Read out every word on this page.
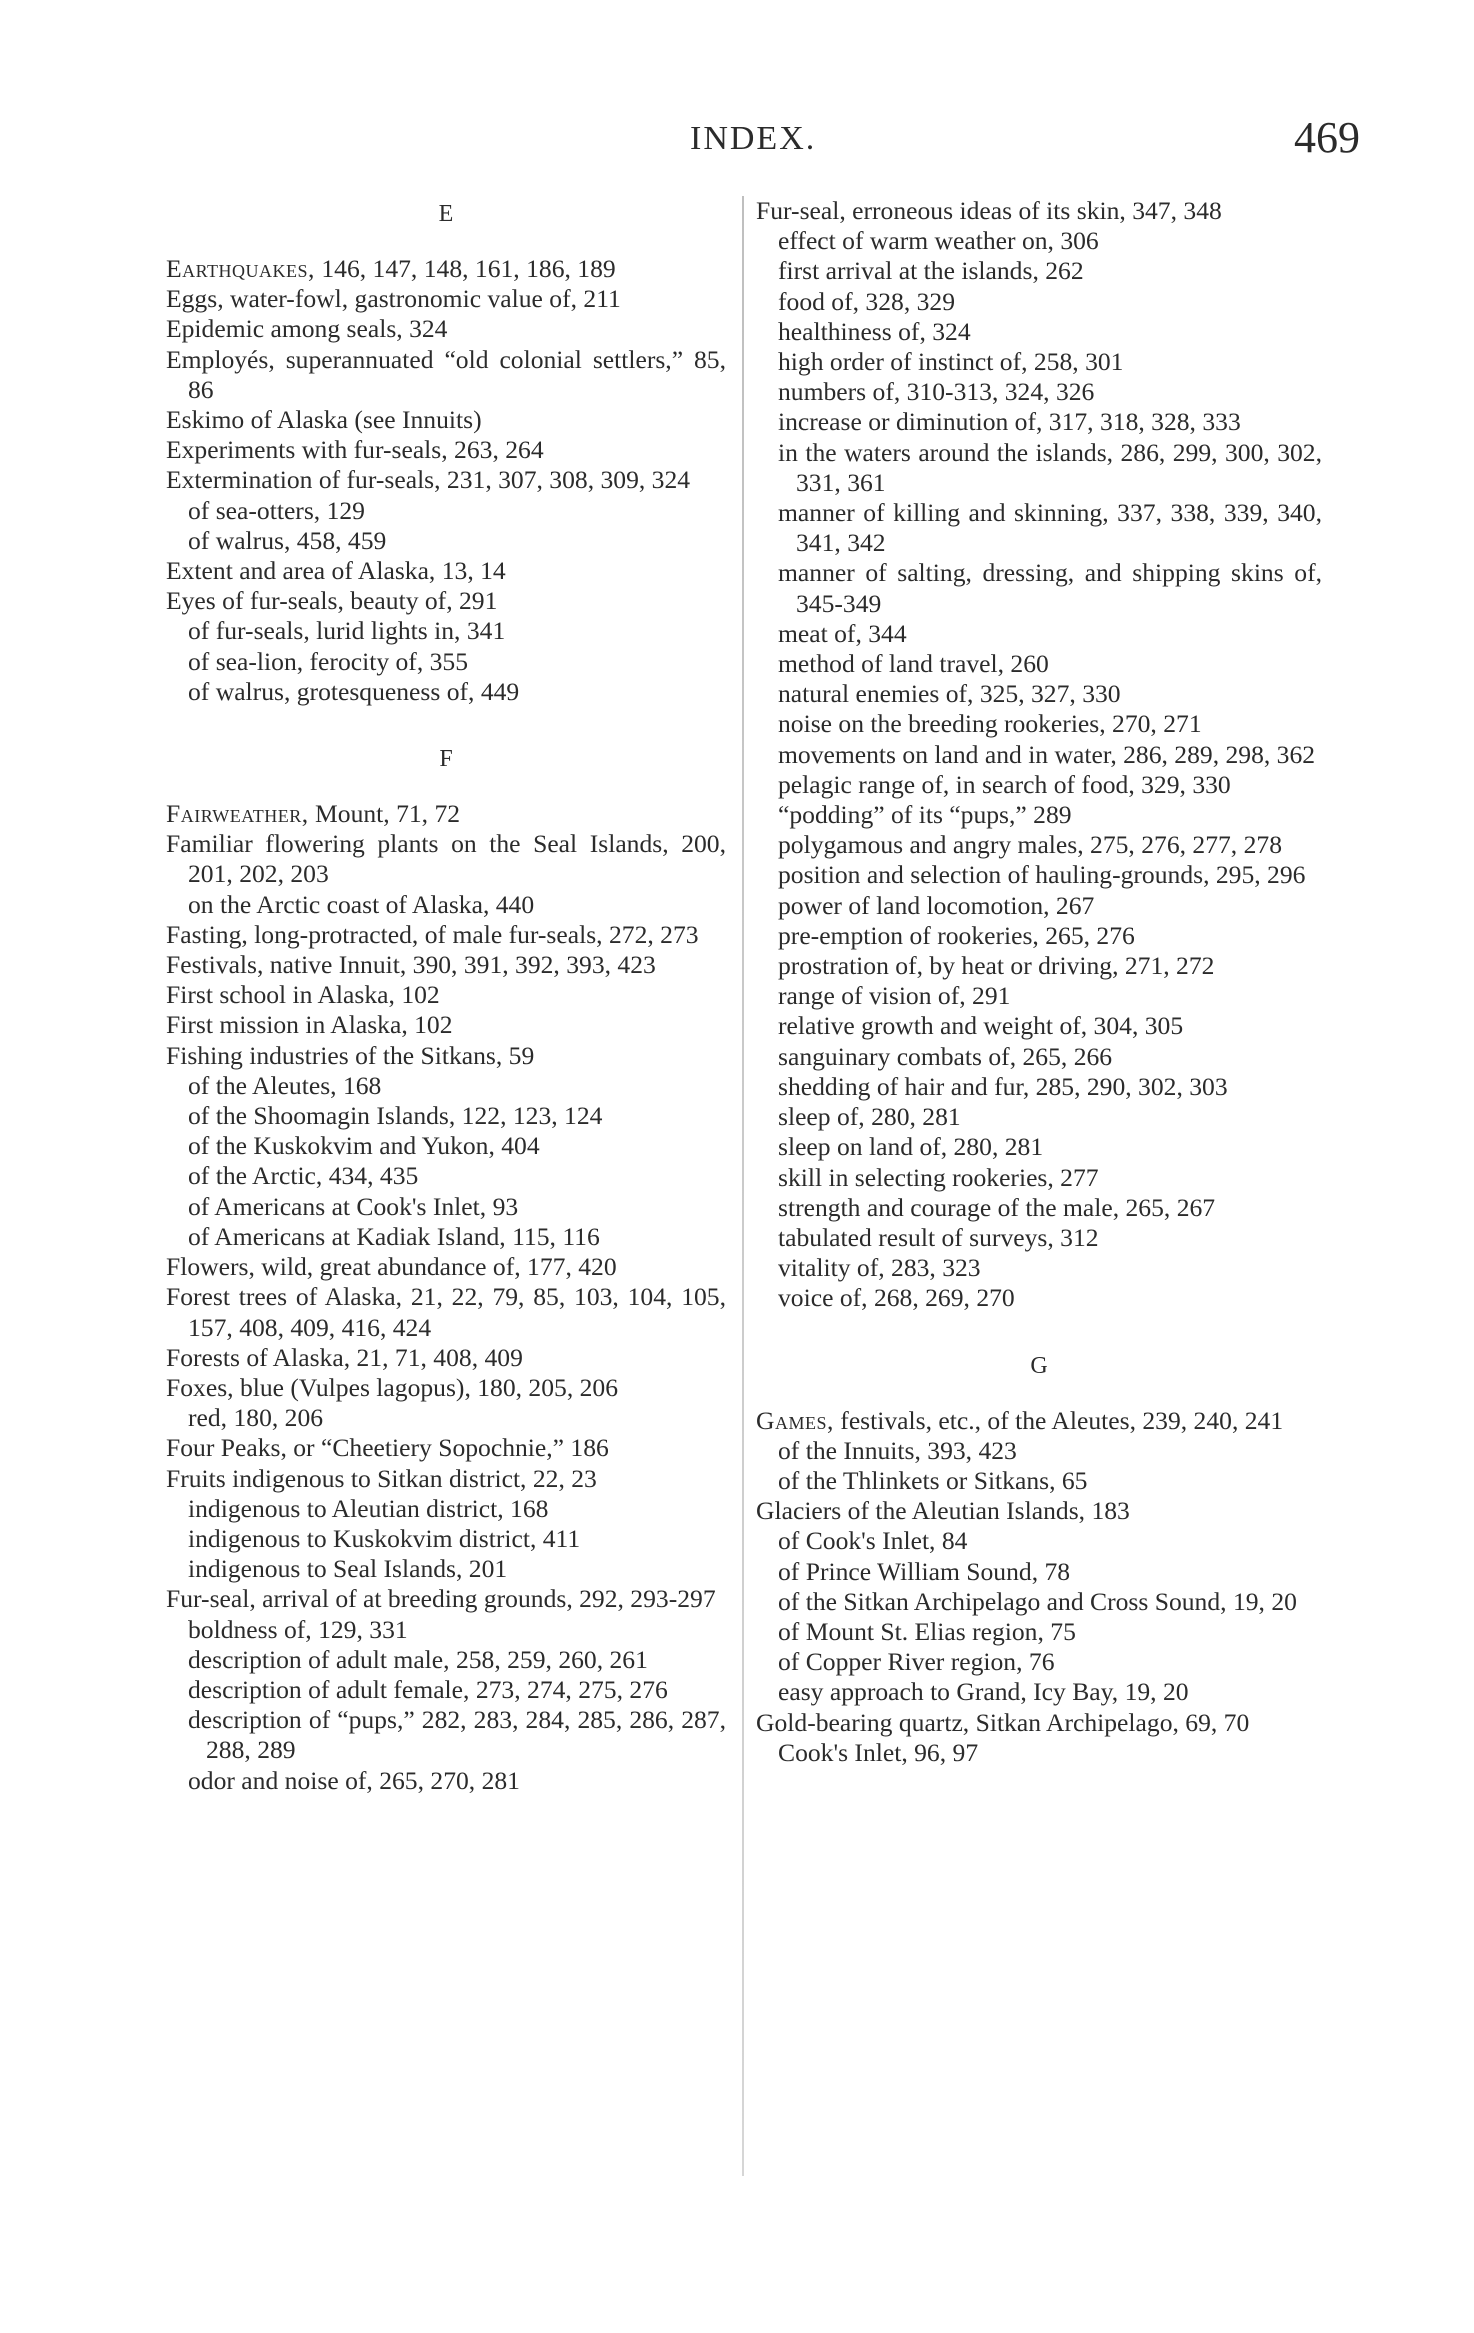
INDEX.	469
E
Earthquakes, 146, 147, 148, 161, 186, 189
Eggs, water-fowl, gastronomic value of, 211
Epidemic among seals, 324
Employés, superannuated “old colonial settlers,” 85, 86
Eskimo of Alaska (see Innuits)
Experiments with fur-seals, 263, 264
Extermination of fur-seals, 231, 307, 308, 309, 324
of sea-otters, 129
of walrus, 458, 459
Extent and area of Alaska, 13, 14
Eyes of fur-seals, beauty of, 291
of fur-seals, lurid lights in, 341
of sea-lion, ferocity of, 355
of walrus, grotesqueness of, 449
F
Fairweather, Mount, 71, 72
Familiar flowering plants on the Seal Islands, 200, 201, 202, 203
on the Arctic coast of Alaska, 440
Fasting, long-protracted, of male fur-seals, 272, 273
Festivals, native Innuit, 390, 391, 392, 393, 423
First school in Alaska, 102
First mission in Alaska, 102
Fishing industries of the Sitkans, 59
of the Aleutes, 168
of the Shoomagin Islands, 122, 123, 124
of the Kuskokvim and Yukon, 404
of the Arctic, 434, 435
of Americans at Cook's Inlet, 93
of Americans at Kadiak Island, 115, 116
Flowers, wild, great abundance of, 177, 420
Forest trees of Alaska, 21, 22, 79, 85, 103, 104, 105, 157, 408, 409, 416, 424
Forests of Alaska, 21, 71, 408, 409
Foxes, blue (Vulpes lagopus), 180, 205, 206
red, 180, 206
Four Peaks, or “Cheetiery Sopochnie,” 186
Fruits indigenous to Sitkan district, 22, 23
indigenous to Aleutian district, 168
indigenous to Kuskokvim district, 411
indigenous to Seal Islands, 201
Fur-seal, arrival of at breeding grounds, 292, 293-297
boldness of, 129, 331
description of adult male, 258, 259, 260, 261
description of adult female, 273, 274, 275, 276
description of “pups,” 282, 283, 284, 285, 286, 287, 288, 289
odor and noise of, 265, 270, 281
Fur-seal, erroneous ideas of its skin, 347, 348
effect of warm weather on, 306
first arrival at the islands, 262
food of, 328, 329
healthiness of, 324
high order of instinct of, 258, 301
numbers of, 310-313, 324, 326
increase or diminution of, 317, 318, 328, 333
in the waters around the islands, 286, 299, 300, 302, 331, 361
manner of killing and skinning, 337, 338, 339, 340, 341, 342
manner of salting, dressing, and shipping skins of, 345-349
meat of, 344
method of land travel, 260
natural enemies of, 325, 327, 330
noise on the breeding rookeries, 270, 271
movements on land and in water, 286, 289, 298, 362
pelagic range of, in search of food, 329, 330
“podding” of its “pups,” 289
polygamous and angry males, 275, 276, 277, 278
position and selection of hauling-grounds, 295, 296
power of land locomotion, 267
pre-emption of rookeries, 265, 276
prostration of, by heat or driving, 271, 272
range of vision of, 291
relative growth and weight of, 304, 305
sanguinary combats of, 265, 266
shedding of hair and fur, 285, 290, 302, 303
sleep of, 280, 281
sleep on land of, 280, 281
skill in selecting rookeries, 277
strength and courage of the male, 265, 267
tabulated result of surveys, 312
vitality of, 283, 323
voice of, 268, 269, 270
G
Games, festivals, etc., of the Aleutes, 239, 240, 241
of the Innuits, 393, 423
of the Thlinkets or Sitkans, 65
Glaciers of the Aleutian Islands, 183
of Cook's Inlet, 84
of Prince William Sound, 78
of the Sitkan Archipelago and Cross Sound, 19, 20
of Mount St. Elias region, 75
of Copper River region, 76
easy approach to Grand, Icy Bay, 19, 20
Gold-bearing quartz, Sitkan Archipelago, 69, 70
Cook's Inlet, 96, 97
